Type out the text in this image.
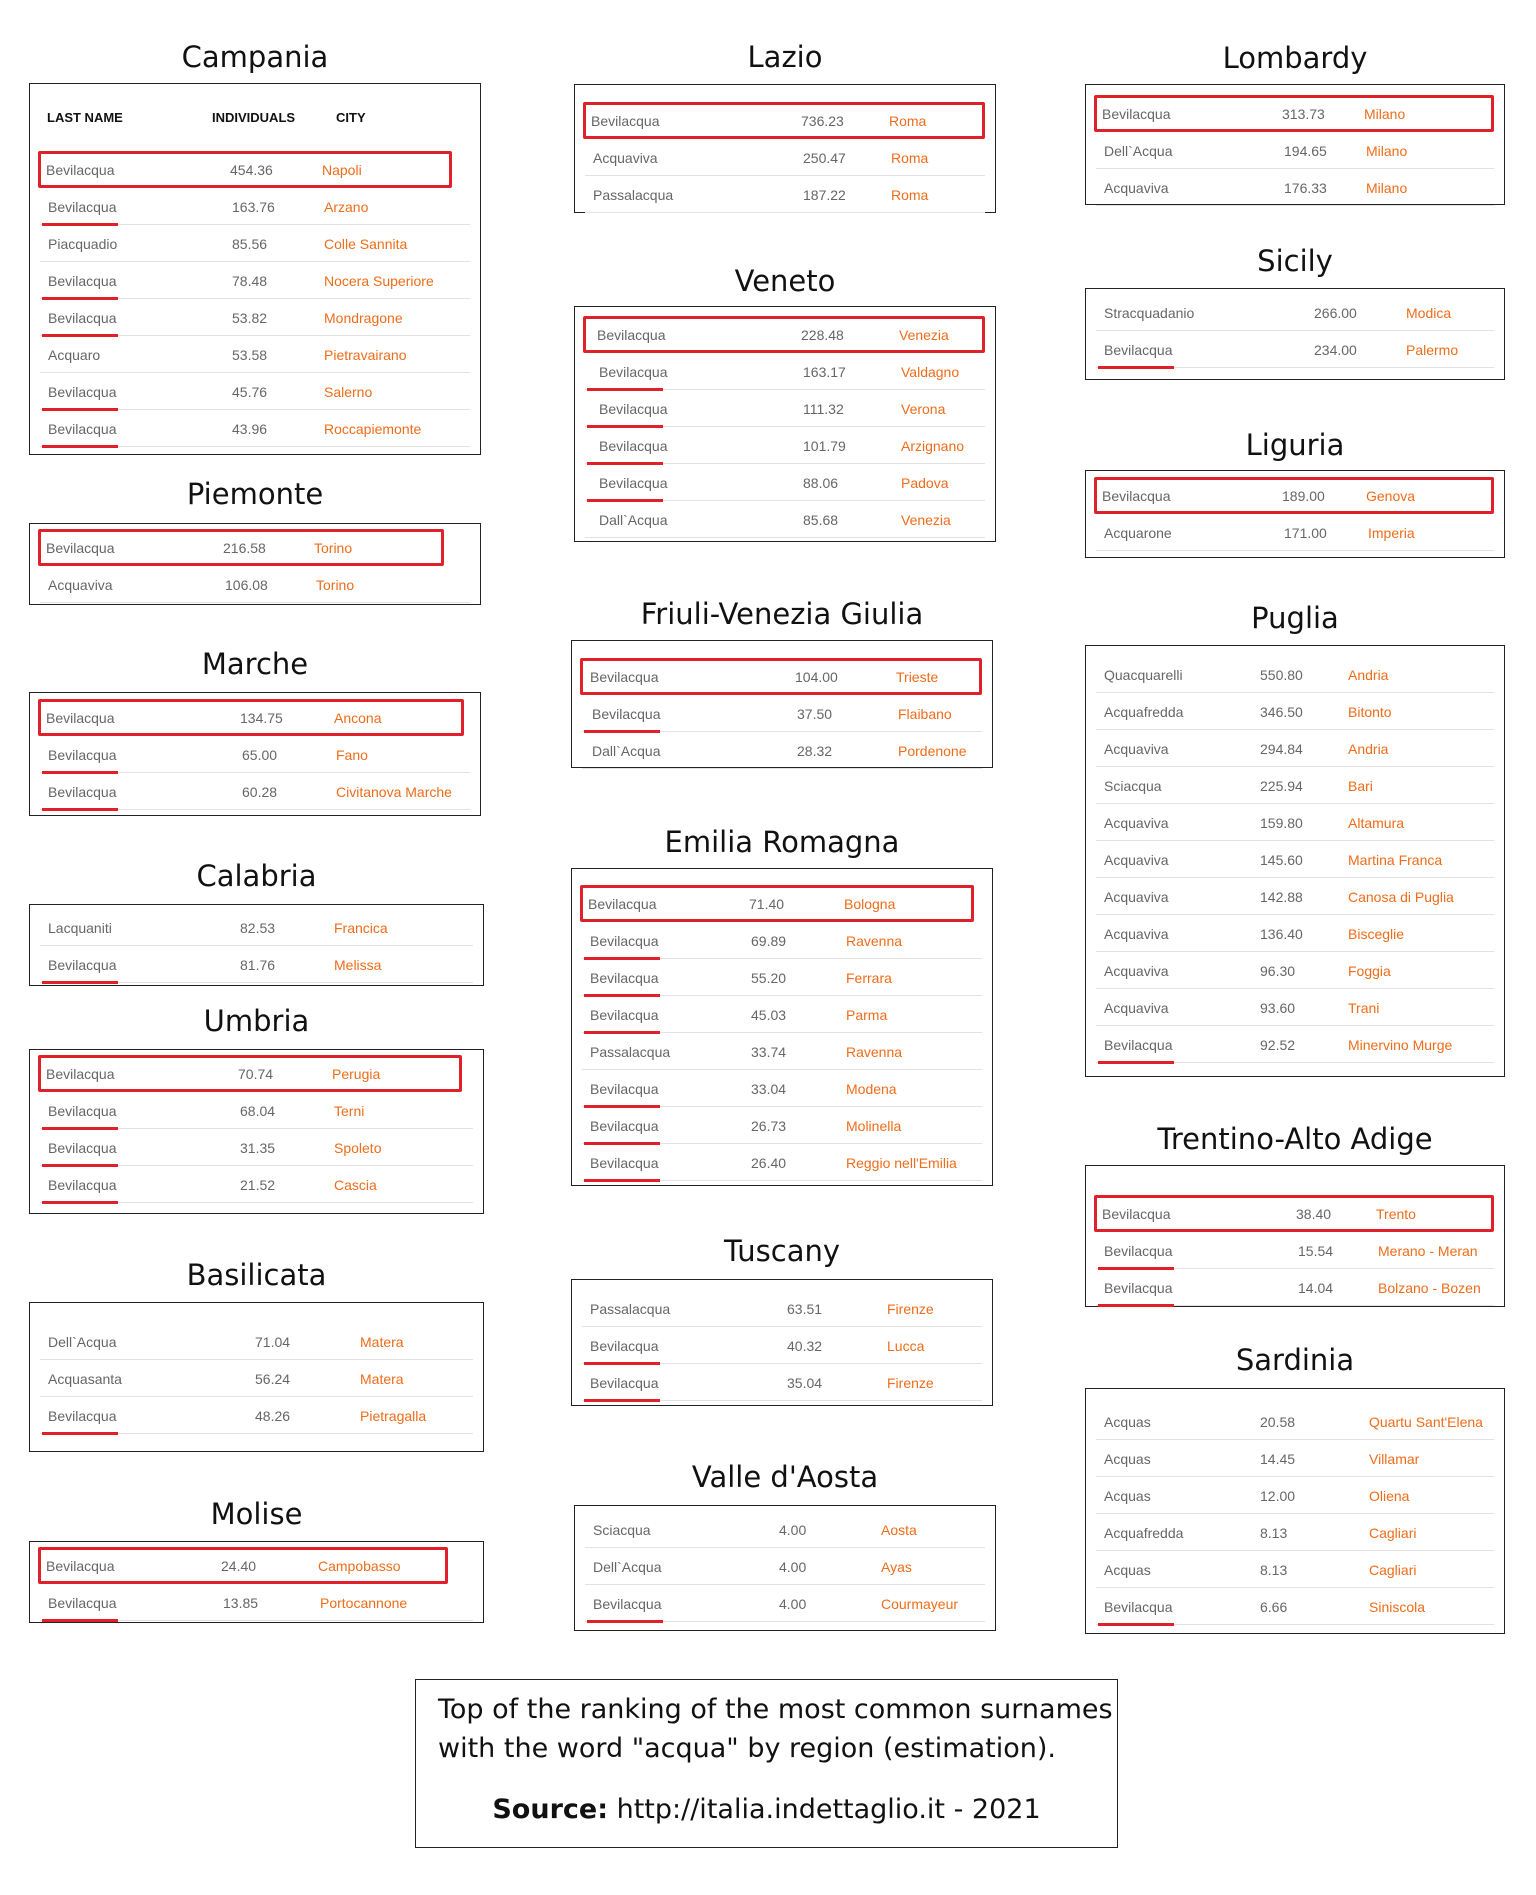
Campania
LAST NAME	INDIVIDUALS	CITY
Bevilacqua	454.36	Napoli
Bevilacqua	163.76	Arzano
Piacquadio	85.56	Colle Sannita
Bevilacqua	78.48	Nocera Superiore
Bevilacqua	53.82	Mondragone
Acquaro	53.58	Pietravairano
Bevilacqua	45.76	Salerno
Bevilacqua	43.96	Roccapiemonte
Piemonte
Bevilacqua	216.58	Torino
Acquaviva	106.08	Torino
Marche
Bevilacqua	134.75	Ancona
Bevilacqua	65.00	Fano
Bevilacqua	60.28	Civitanova Marche
Calabria
Lacquaniti	82.53	Francica
Bevilacqua	81.76	Melissa
Umbria
Bevilacqua	70.74	Perugia
Bevilacqua	68.04	Terni
Bevilacqua	31.35	Spoleto
Bevilacqua	21.52	Cascia
Basilicata
Dell`Acqua	71.04	Matera
Acquasanta	56.24	Matera
Bevilacqua	48.26	Pietragalla
Molise
Bevilacqua	24.40	Campobasso
Bevilacqua	13.85	Portocannone
Lazio
Bevilacqua	736.23	Roma
Acquaviva	250.47	Roma
Passalacqua	187.22	Roma
Veneto
Bevilacqua	228.48	Venezia
Bevilacqua	163.17	Valdagno
Bevilacqua	111.32	Verona
Bevilacqua	101.79	Arzignano
Bevilacqua	88.06	Padova
Dall`Acqua	85.68	Venezia
Friuli-Venezia Giulia
Bevilacqua	104.00	Trieste
Bevilacqua	37.50	Flaibano
Dall`Acqua	28.32	Pordenone
Emilia Romagna
Bevilacqua	71.40	Bologna
Bevilacqua	69.89	Ravenna
Bevilacqua	55.20	Ferrara
Bevilacqua	45.03	Parma
Passalacqua	33.74	Ravenna
Bevilacqua	33.04	Modena
Bevilacqua	26.73	Molinella
Bevilacqua	26.40	Reggio nell'Emilia
Tuscany
Passalacqua	63.51	Firenze
Bevilacqua	40.32	Lucca
Bevilacqua	35.04	Firenze
Valle d'Aosta
Sciacqua	4.00	Aosta
Dell`Acqua	4.00	Ayas
Bevilacqua	4.00	Courmayeur
Lombardy
Bevilacqua	313.73	Milano
Dell`Acqua	194.65	Milano
Acquaviva	176.33	Milano
Sicily
Stracquadanio	266.00	Modica
Bevilacqua	234.00	Palermo
Liguria
Bevilacqua	189.00	Genova
Acquarone	171.00	Imperia
Puglia
Quacquarelli	550.80	Andria
Acquafredda	346.50	Bitonto
Acquaviva	294.84	Andria
Sciacqua	225.94	Bari
Acquaviva	159.80	Altamura
Acquaviva	145.60	Martina Franca
Acquaviva	142.88	Canosa di Puglia
Acquaviva	136.40	Bisceglie
Acquaviva	96.30	Foggia
Acquaviva	93.60	Trani
Bevilacqua	92.52	Minervino Murge
Trentino-Alto Adige
Bevilacqua	38.40	Trento
Bevilacqua	15.54	Merano - Meran
Bevilacqua	14.04	Bolzano - Bozen
Sardinia
Acquas	20.58	Quartu Sant'Elena
Acquas	14.45	Villamar
Acquas	12.00	Oliena
Acquafredda	8.13	Cagliari
Acquas	8.13	Cagliari
Bevilacqua	6.66	Siniscola
Top of the ranking of the most common surnames
with the word "acqua" by region (estimation).
Source: http://italia.indettaglio.it - 2021
